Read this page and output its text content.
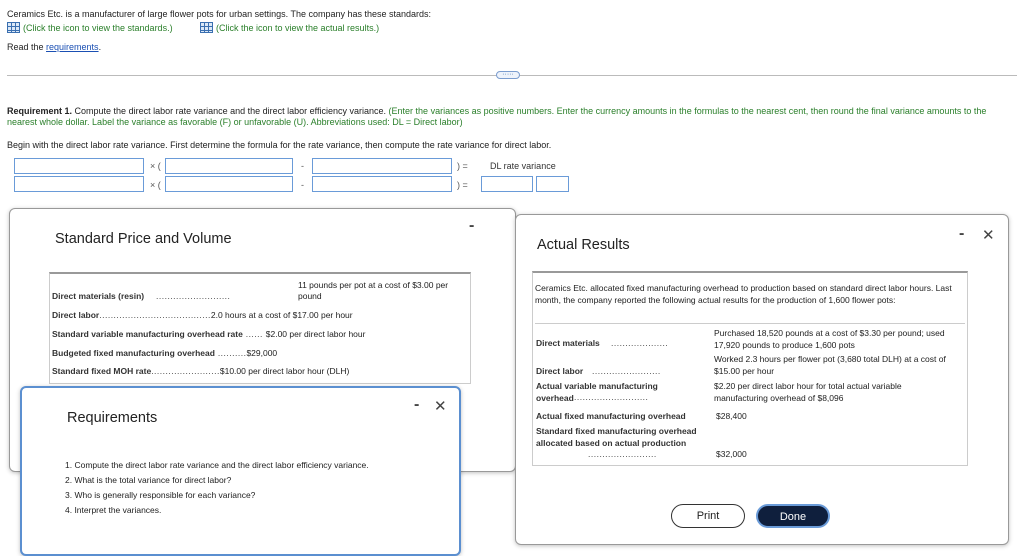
Ceramics Etc. is a manufacturer of large flower pots for urban settings. The company has these standards:
(Click the icon to view the standards.)	(Click the icon to view the actual results.)
Read the requirements.
·····
Requirement 1. Compute the direct labor rate variance and the direct labor efficiency variance. (Enter the variances as positive numbers. Enter the currency amounts in the formulas to the nearest cent, then round the final variance amounts to the nearest whole dollar. Label the variance as favorable (F) or unfavorable (U). Abbreviations used: DL = Direct labor)
Begin with the direct labor rate variance. First determine the formula for the rate variance, then compute the rate variance for direct labor.
× (	-	) = DL rate variance
× (	-	) =
Standard Price and Volume
-
Direct materials (resin) ..........................
11 pounds per pot at a cost of $3.00 per pound
Direct labor.......................................2.0 hours at a cost of $17.00 per hour
Standard variable manufacturing overhead rate ...... $2.00 per direct labor hour
Budgeted fixed manufacturing overhead ..........$29,000
Standard fixed MOH rate........................$10.00 per direct labor hour (DLH)
Requirements
- ✕
1. Compute the direct labor rate variance and the direct labor efficiency variance.
2. What is the total variance for direct labor?
3. Who is generally responsible for each variance?
4. Interpret the variances.
Actual Results
- ✕
Ceramics Etc. allocated fixed manufacturing overhead to production based on standard direct labor hours. Last month, the company reported the following actual results for the production of 1,600 flower pots:
Direct materials ....................
Purchased 18,520 pounds at a cost of $3.30 per pound; used 17,920 pounds to produce 1,600 pots
Direct labor ........................
Worked 2.3 hours per flower pot (3,680 total DLH) at a cost of $15.00 per hour
Actual variable manufacturing overhead ..........................
$2.20 per direct labor hour for total actual variable manufacturing overhead of $8,096
Actual fixed manufacturing overhead	$28,400
Standard fixed manufacturing overhead allocated based on actual production
........................	$32,000
Print	Done
